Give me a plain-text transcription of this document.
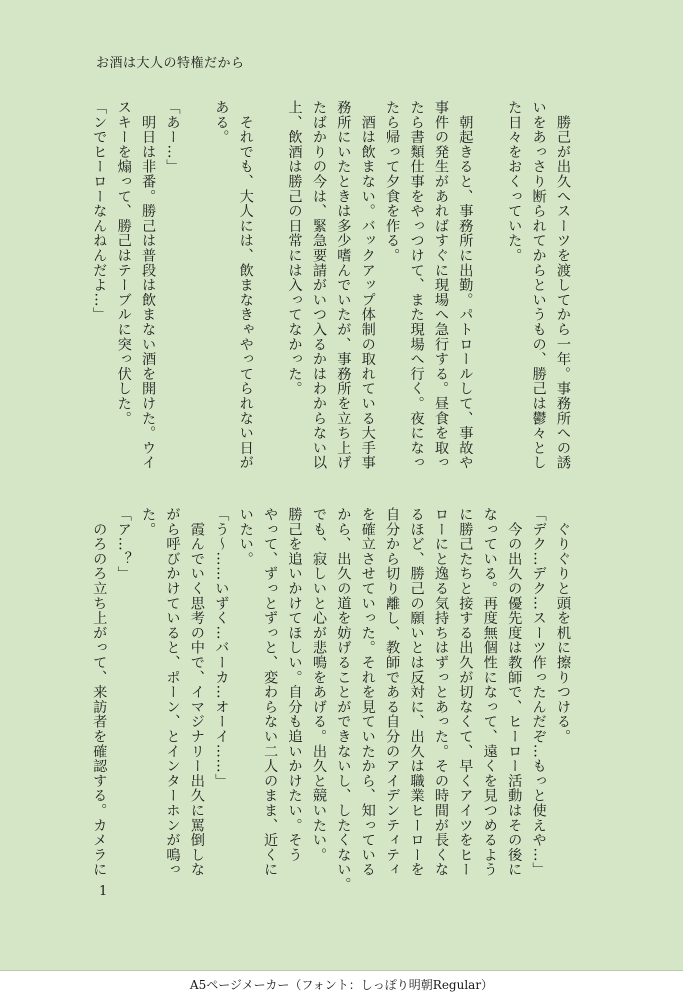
お酒は大人の特権だから
　勝己が出久へスーツを渡してから一年。事務所への誘
いをあっさり断られてからというもの、勝己は鬱々とし
た日々をおくっていた。

　朝起きると、事務所に出勤。パトロールして、事故や
事件の発生があればすぐに現場へ急行する。昼食を取っ
たら書類仕事をやっつけて、また現場へ行く。夜になっ
たら帰って夕食を作る。
　酒は飲まない。バックアップ体制の取れている大手事
務所にいたときは多少嗜んでいたが、事務所を立ち上げ
たばかりの今は、緊急要請がいつ入るかはわからない以
上、飲酒は勝己の日常には入ってなかった。

　それでも、大人には、飲まなきゃやってられない日が
ある。

「あー…」
　明日は非番。勝己は普段は飲まない酒を開けた。ウイ
スキーを煽って、勝己はテーブルに突っ伏した。
「ンでヒーローなんねんだよ…」
　ぐりぐりと頭を机に擦りつける。
「デク…デク…スーツ作ったんだぞ…もっと使えや…」
　今の出久の優先度は教師で、ヒーロー活動はその後に
なっている。再度無個性になって、遠くを見つめるよう
に勝己たちと接する出久が切なくて、早くアイツをヒー
ローにと逸る気持ちはずっとあった。その時間が長くな
るほど、勝己の願いとは反対に、出久は職業ヒーローを
自分から切り離し、教師である自分のアイデンティティ
を確立させていった。それを見ていたから、知っている
から、出久の道を妨げることができないし、したくない。
でも、寂しいと心が悲鳴をあげる。出久と競いたい。
勝己を追いかけてほしい。自分も追いかけたい。そう
やって、ずっとずっと、変わらない二人のまま、近くに
いたい。
「う〜……いずく…バーカ…オーイ……」
　霞んでいく思考の中で、イマジナリー出久に罵倒しな
がら呼びかけていると、ポーン、とインターホンが鳴っ
た。
「ア…？」
　のろのろ立ち上がって、来訪者を確認する。カメラに
1
A5ページメーカー（フォント：しっぽり明朝Regular）
